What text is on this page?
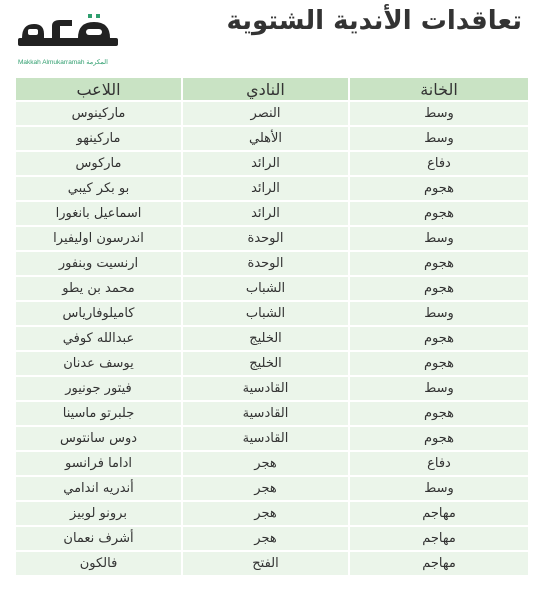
تعاقدات الأندية الشتوية
Makkah Almukarramah المكرمة
الخانة	النادي	اللاعب
وسط	النصر	ماركينوس
وسط	الأهلي	ماركينهو
دفاع	الرائد	ماركوس
هجوم	الرائد	بو بكر كيبي
هجوم	الرائد	اسماعيل بانغورا
وسط	الوحدة	اندرسون اوليفيرا
هجوم	الوحدة	ارنسيت وبنفور
هجوم	الشباب	محمد بن يطو
وسط	الشباب	كاميلوفارياس
هجوم	الخليج	عبدالله كوفي
هجوم	الخليج	يوسف عدنان
وسط	القادسية	فيتور جونيور
هجوم	القادسية	جلبرتو ماسينا
هجوم	القادسية	دوس سانتوس
دفاع	هجر	اداما فرانسو
وسط	هجر	أندريه اندامي
مهاجم	هجر	برونو لوبيز
مهاجم	هجر	أشرف نعمان
مهاجم	الفتح	فالكون
